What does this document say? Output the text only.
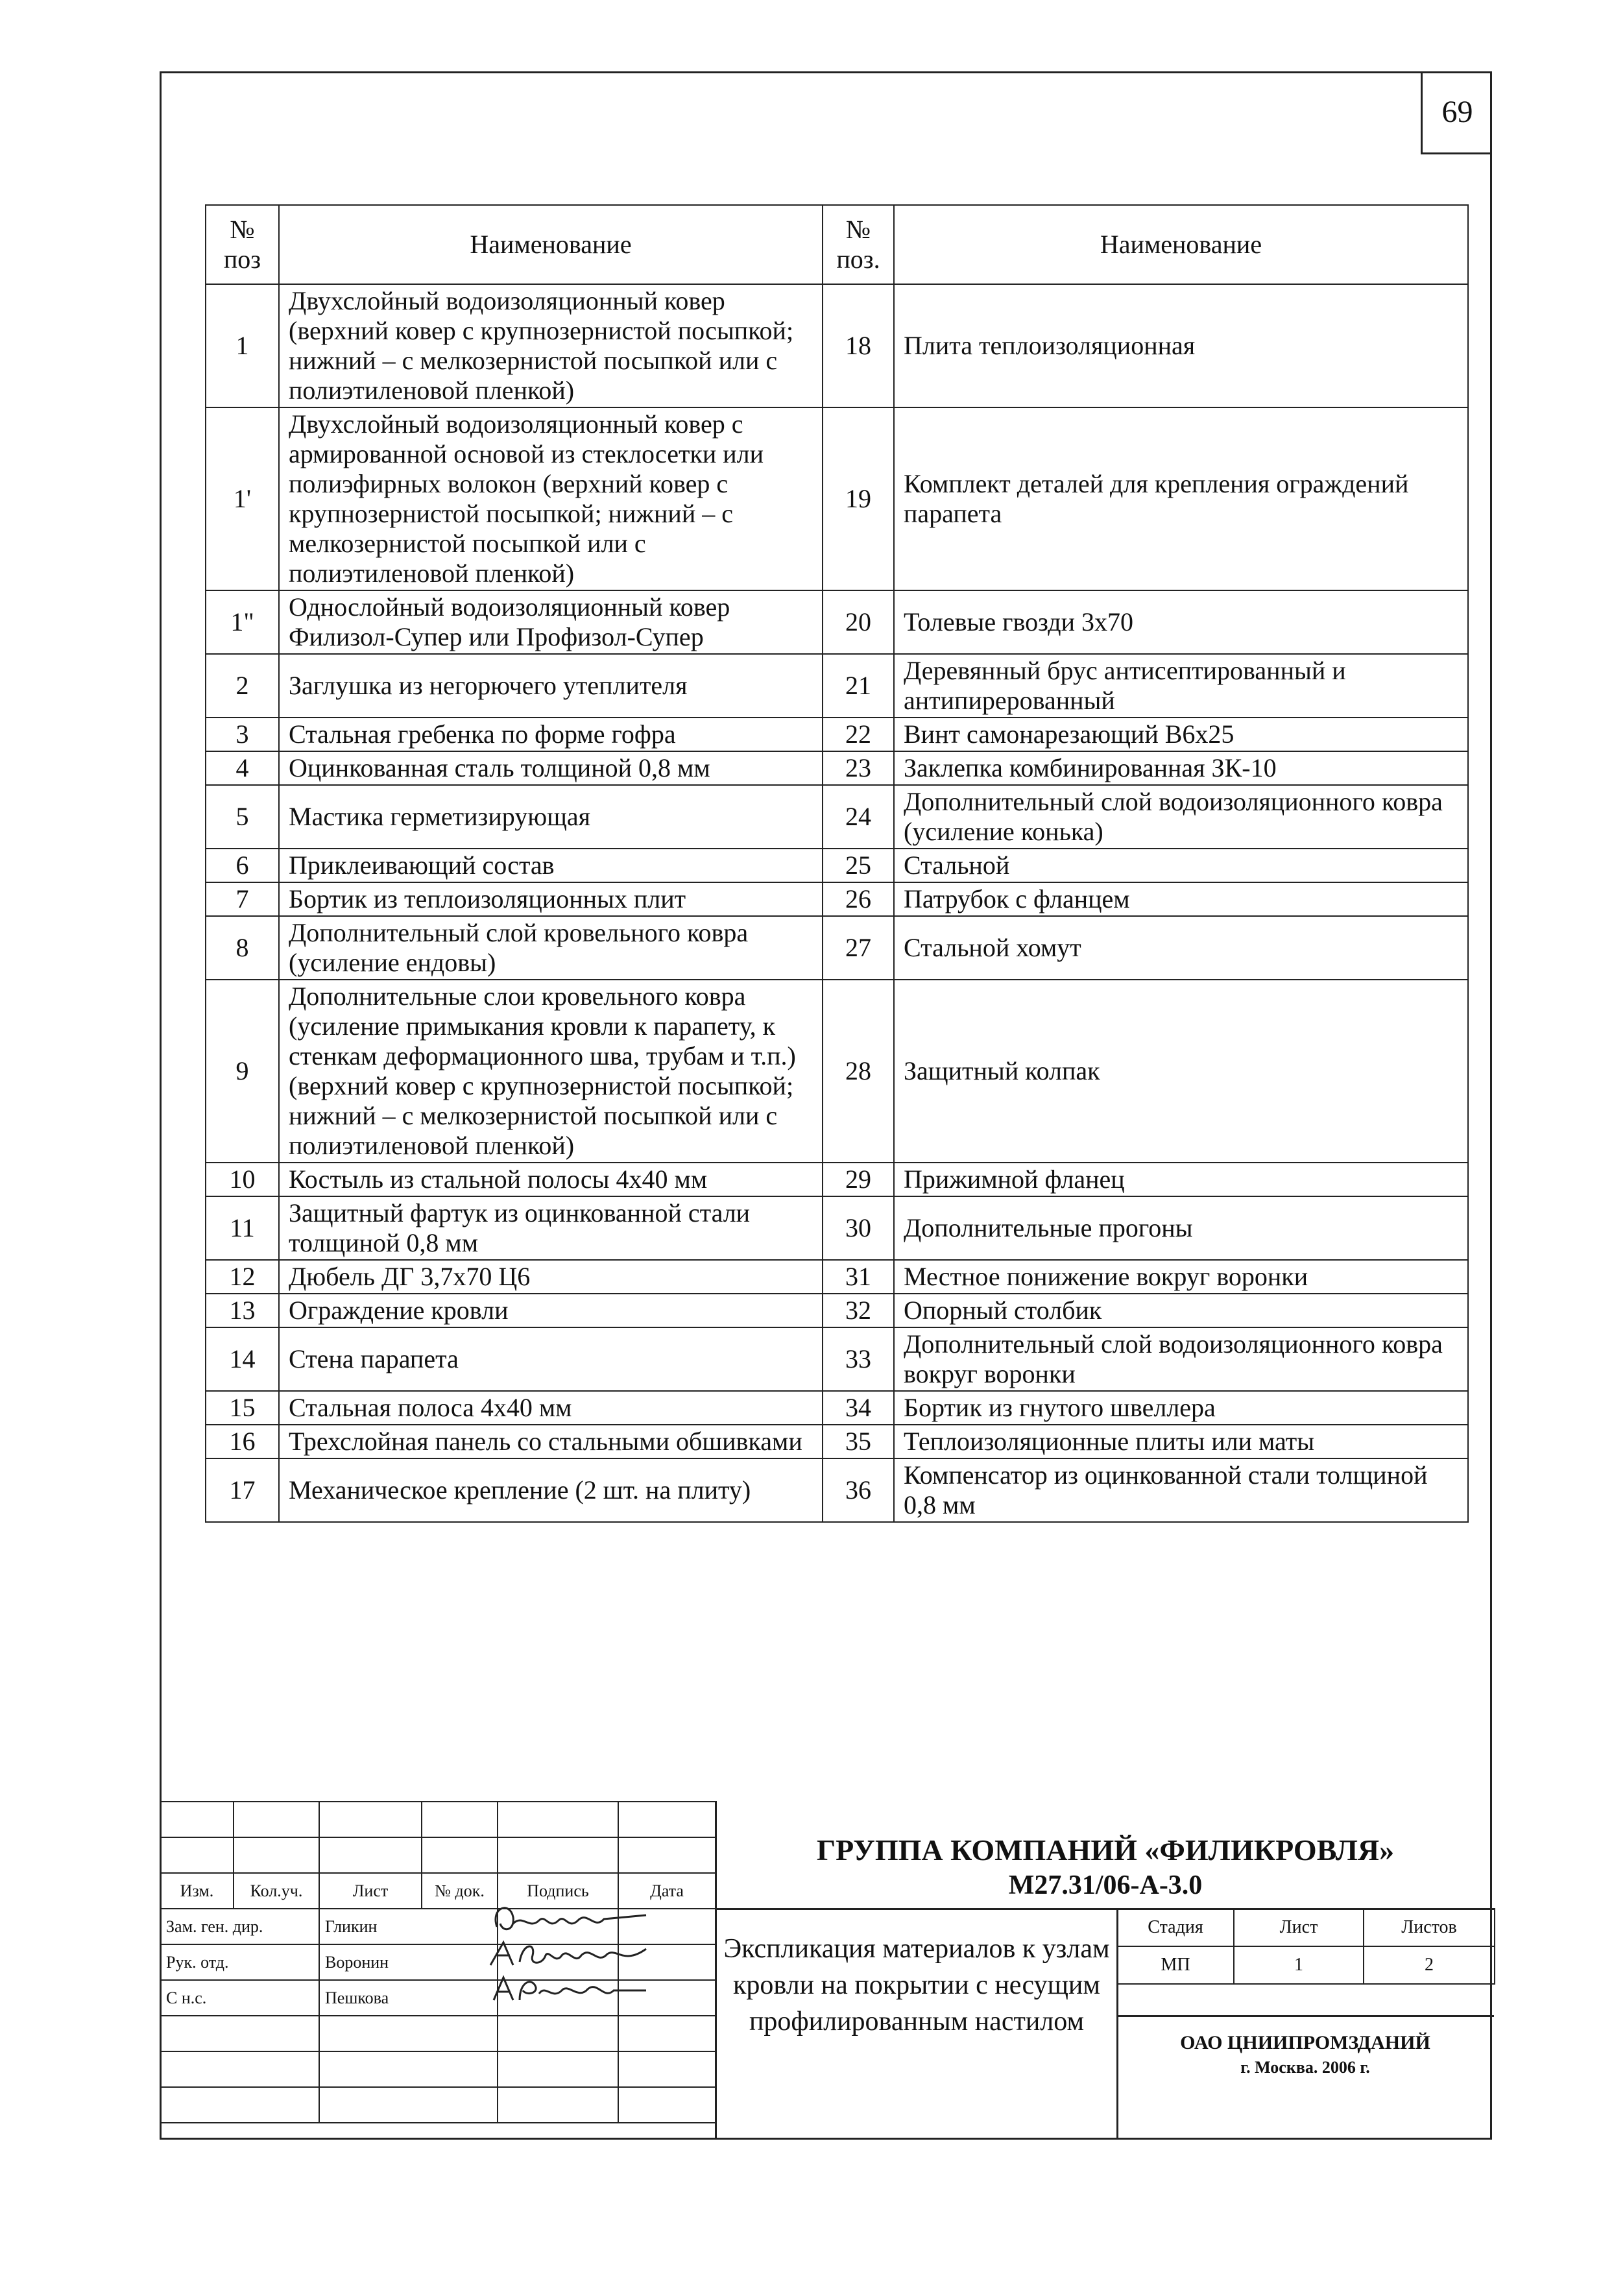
69
№ поз	Наименование	№ поз.	Наименование
1	Двухслойный водоизоляционный ковер (верхний ковер с крупнозернистой посыпкой; нижний – с мелкозернистой посыпкой или с полиэтиленовой пленкой)	18	Плита теплоизоляционная
1'	Двухслойный водоизоляционный ковер с армированной основой из стеклосетки или полиэфирных волокон (верхний ковер с крупнозернистой посыпкой; нижний – с мелкозернистой посыпкой или с полиэтиленовой пленкой)	19	Комплект деталей для крепления ограждений парапета
1"	Однослойный водоизоляционный ковер Филизол-Супер или Профизол-Супер	20	Толевые гвозди 3х70
2	Заглушка из негорючего утеплителя	21	Деревянный брус антисептированный и антипирерованный
3	Стальная гребенка по форме гофра	22	Винт самонарезающий В6х25
4	Оцинкованная сталь толщиной 0,8 мм	23	Заклепка комбинированная ЗК-10
5	Мастика герметизирующая	24	Дополнительный слой водоизоляционного ковра (усиление конька)
6	Приклеивающий состав	25	Стальной
7	Бортик из теплоизоляционных плит	26	Патрубок с фланцем
8	Дополнительный слой кровельного ковра (усиление ендовы)	27	Стальной хомут
9	Дополнительные слои кровельного ковра (усиление примыкания кровли к парапету, к стенкам деформационного шва, трубам и т.п.) (верхний ковер с крупнозернистой посыпкой; нижний – с мелкозернистой посыпкой или с полиэтиленовой пленкой)	28	Защитный колпак
10	Костыль из стальной полосы 4х40 мм	29	Прижимной фланец
11	Защитный фартук из оцинкованной стали толщиной 0,8 мм	30	Дополнительные прогоны
12	Дюбель ДГ 3,7х70 Ц6	31	Местное понижение вокруг воронки
13	Ограждение кровли	32	Опорный столбик
14	Стена парапета	33	Дополнительный слой водоизоляционного ковра вокруг воронки
15	Стальная полоса 4х40 мм	34	Бортик из гнутого швеллера
16	Трехслойная панель со стальными обшивками	35	Теплоизоляционные плиты или маты
17	Механическое крепление (2 шт. на плиту)	36	Компенсатор из оцинкованной стали толщиной 0,8 мм

Изм.	Кол.уч.	Лист	№ док.	Подпись	Дата
Зам. ген. дир.		Гликин			
Рук. отд.		Воронин			
С н.с.		Пешкова			

ГРУППА КОМПАНИЙ «ФИЛИКРОВЛЯ»
М27.31/06-А-3.0
Экспликация материалов к узлам кровли на покрытии с несущим профилированным настилом
Стадия	Лист	Листов
МП	1	2
ОАО ЦНИИПРОМЗДАНИЙ
г. Москва. 2006 г.
